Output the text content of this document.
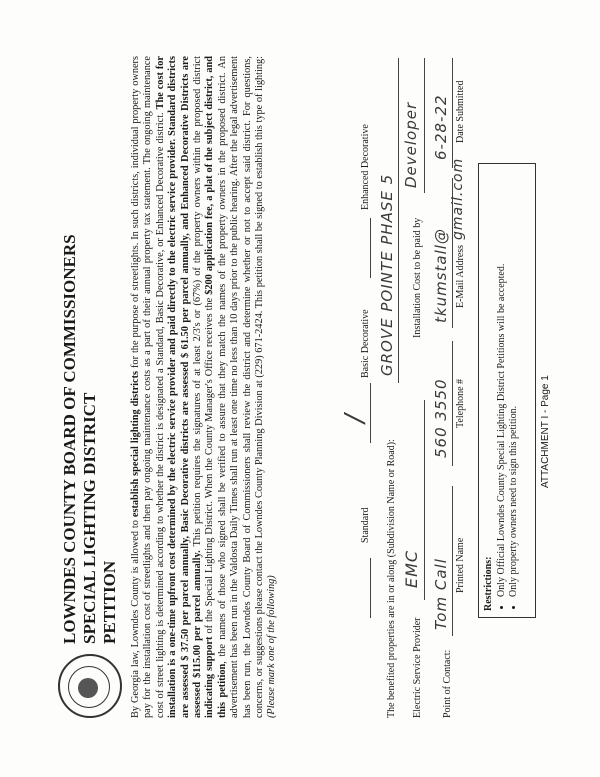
LOWNDES COUNTY BOARD OF COMMISSIONERS SPECIAL LIGHTING DISTRICT PETITION By Georgia law, Lowndes County is allowed to establish special lighting districts for the purpose of streetlights. In such districts, individual property owners pay for the installation cost of streetlights and then pay ongoing maintenance costs as a part of their annual property tax statement. The ongoing maintenance cost of street lighting is determined according to whether the district is designated a Standard, Basic Decorative, or Enhanced Decorative district. The cost for installation is a one-time upfront cost determined by the electric service provider and paid directly to the electric service provider. Standard districts are assessed $ 37.50 per parcel annually, Basic Decorative districts are assessed $ 61.50 per parcel annually, and Enhanced Decorative Districts are assessed $115.00 per parcel annually. This petition requires the signatures of at least 2/3's or (67%) of the property owners within the proposed district indicating support of the Special Lighting District. When the County Manager's Office receives the $200 application fee, a plat of the subject district, and this petition, the names of those who signed shall be verified to assure that they match the names of the property owners in the proposed district. An advertisement has been run in the Valdosta Daily Times shall run at least one time no less than 10 days prior to the public hearing. After the legal advertisement has been run, the Lowndes County Board of Commissioners shall review the district and determine whether or not to accept said district. For questions, concerns, or suggestions please contact the Lowndes County Planning Division at (229) 671-2424. This petition shall be signed to establish this type of lighting: (Please mark one of the following)
Standard
/
Basic Decorative
Enhanced Decorative
The benefited properties are in or along (Subdivision Name or Road):
GROVE POINTE PHASE 5
Electric Service Provider
EMC
Installation Cost to be paid by
Developer
Point of Contact:
Tom Call
560 3550
tkumstall@
6-28-22
Printed Name
Telephone #
E-Mail Address
gmail.com
Date Submitted
Restrictions: • Only Official Lowndes County Special Lighting District Petitions will be accepted. • Only property owners need to sign this petition. ATTACHMENT I - Page 1
